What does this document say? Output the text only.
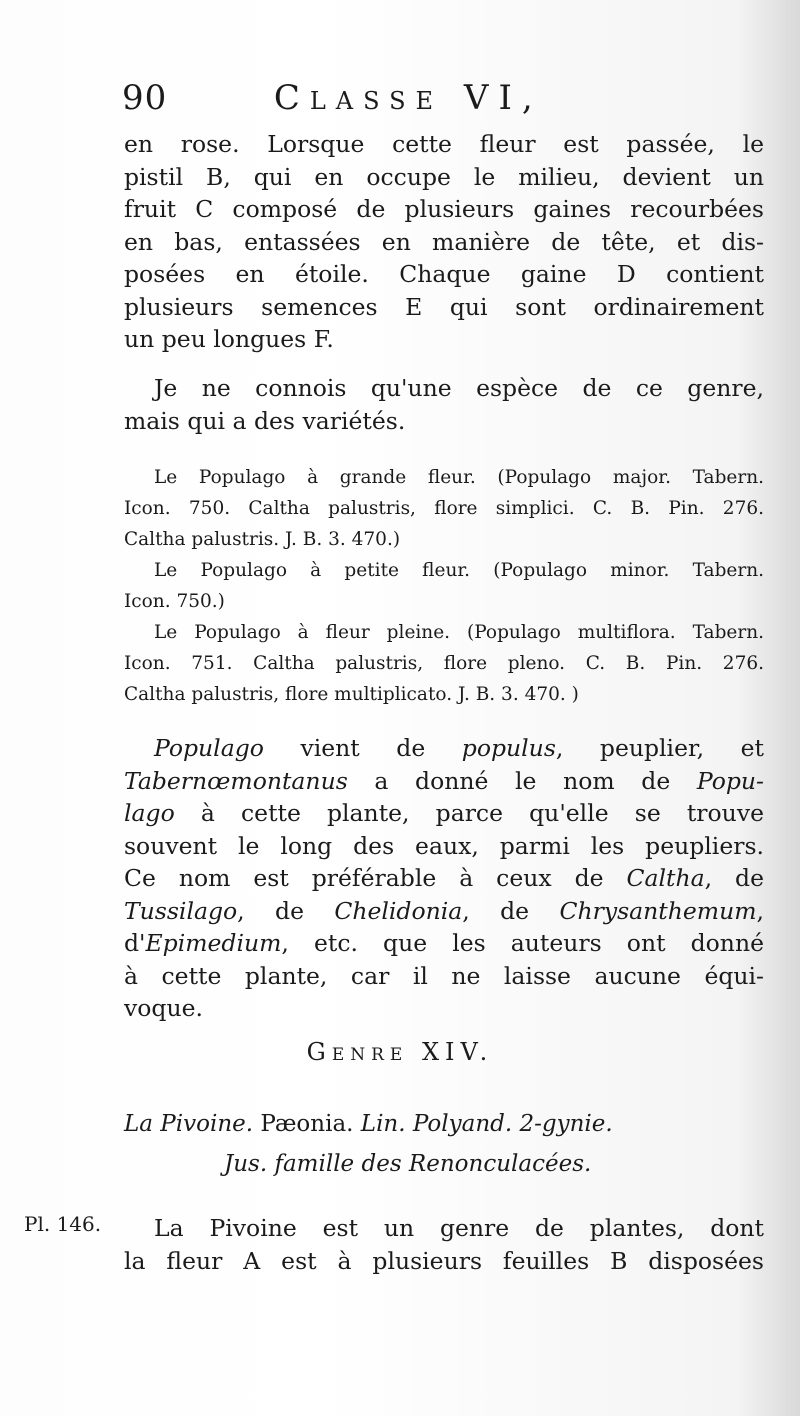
90	Classe VI,
en rose. Lorsque cette fleur est passée, le
pistil B, qui en occupe le milieu, devient un
fruit C composé de plusieurs gaines recourbées
en bas, entassées en manière de tête, et dis-
posées en étoile. Chaque gaine D contient
plusieurs semences E qui sont ordinairement
un peu longues F.
Je ne connois qu'une espèce de ce genre,
mais qui a des variétés.
Le Populago à grande fleur. (Populago major. Tabern.
Icon. 750. Caltha palustris, flore simplici. C. B. Pin. 276.
Caltha palustris. J. B. 3. 470.)
Le Populago à petite fleur. (Populago minor. Tabern.
Icon. 750.)
Le Populago à fleur pleine. (Populago multiflora. Tabern.
Icon. 751. Caltha palustris, flore pleno. C. B. Pin. 276.
Caltha palustris, flore multiplicato. J. B. 3. 470. )
Populago vient de populus, peuplier, et
Tabernœmontanus a donné le nom de Popu-
lago à cette plante, parce qu'elle se trouve
souvent le long des eaux, parmi les peupliers.
Ce nom est préférable à ceux de Caltha, de
Tussilago, de Chelidonia, de Chrysanthemum,
d'Epimedium, etc. que les auteurs ont donné
à cette plante, car il ne laisse aucune équi-
voque.
Genre XIV.
La Pivoine. Pæonia. Lin. Polyand. 2-gynie.
Jus. famille des Renonculacées.
Pl. 146.	La Pivoine est un genre de plantes, dont
la fleur A est à plusieurs feuilles B disposées
